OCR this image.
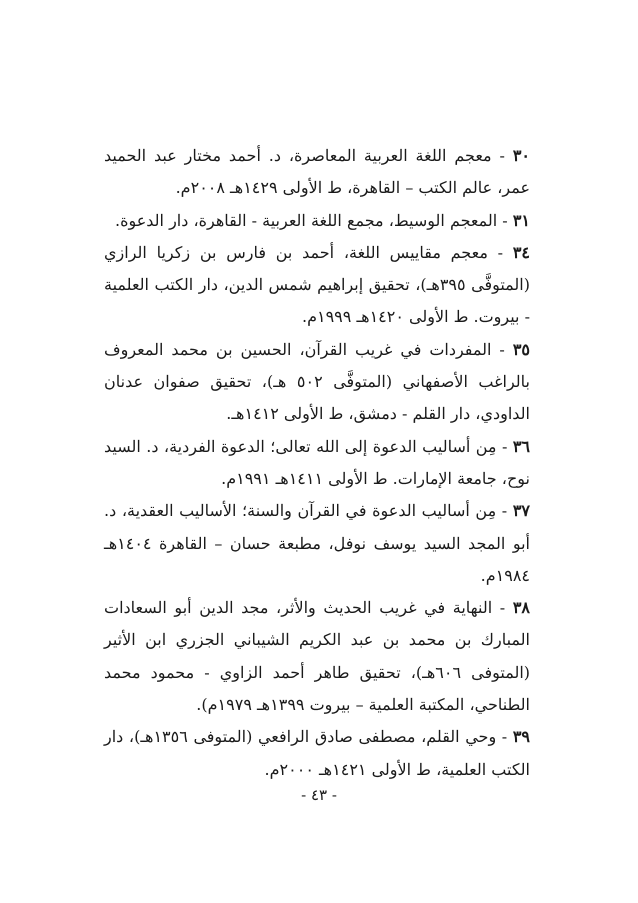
٣٠ - معجم اللغة العربية المعاصرة، د. أحمد مختار عبد الحميد عمر، عالم الكتب – القاهرة، ط الأولى ١٤٢٩هـ ٢٠٠٨م.

٣١ - المعجم الوسيط، مجمع اللغة العربية - القاهرة، دار الدعوة.

٣٤ - معجم مقاييس اللغة، أحمد بن فارس بن زكريا الرازي (المتوفَّى ٣٩٥هـ)، تحقيق إبراهيم شمس الدين، دار الكتب العلمية - بيروت. ط الأولى ١٤٢٠هـ ١٩٩٩م.

٣٥ - المفردات في غريب القرآن، الحسين بن محمد المعروف بالراغب الأصفهاني (المتوفَّى ٥٠٢ هـ)، تحقيق صفوان عدنان الداودي، دار القلم - دمشق، ط الأولى ١٤١٢هـ.

٣٦ - مِن أساليب الدعوة إلى الله تعالى؛ الدعوة الفردية، د. السيد نوح، جامعة الإمارات. ط الأولى ١٤١١هـ ١٩٩١م.

٣٧ - مِن أساليب الدعوة في القرآن والسنة؛ الأساليب العقدية، د. أبو المجد السيد يوسف نوفل، مطبعة حسان – القاهرة ١٤٠٤هـ ١٩٨٤م.

٣٨ - النهاية في غريب الحديث والأثر، مجد الدين أبو السعادات المبارك بن محمد بن عبد الكريم الشيباني الجزري ابن الأثير (المتوفى ٦٠٦هـ)، تحقيق طاهر أحمد الزاوي - محمود محمد الطناحي، المكتبة العلمية – بيروت ١٣٩٩هـ ١٩٧٩م).

٣٩ - وحي القلم، مصطفى صادق الرافعي (المتوفى ١٣٥٦هـ)، دار الكتب العلمية، ط الأولى ١٤٢١هـ ٢٠٠٠م.

- ٤٣ -
